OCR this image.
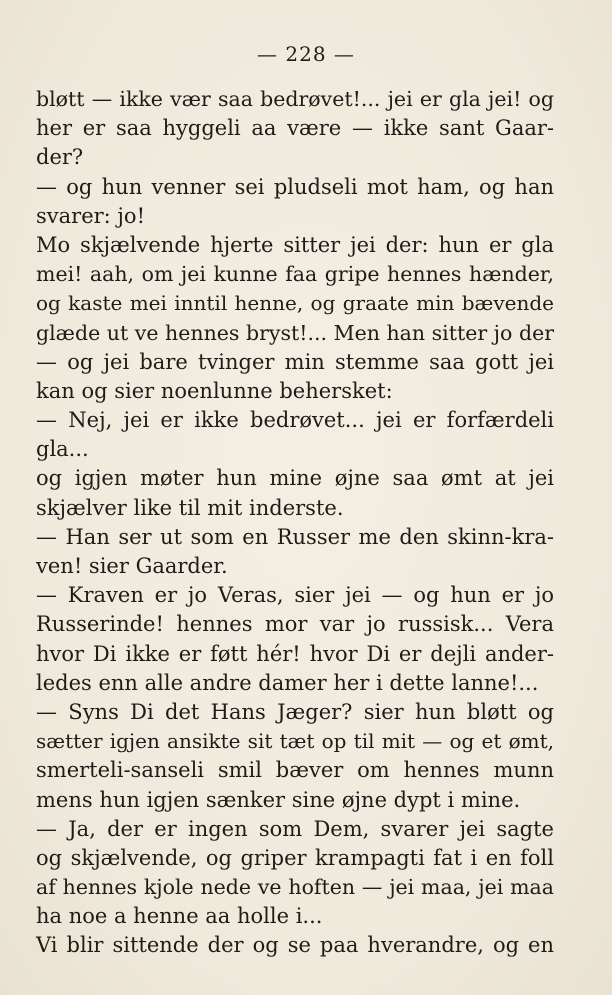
— 228 —
bløtt — ikke vær saa bedrøvet!... jei er gla jei! og
her er saa hyggeli aa være — ikke sant Gaar-
der?
— og hun venner sei pludseli mot ham, og han
svarer: jo!
Mo skjælvende hjerte sitter jei der: hun er gla
mei! aah, om jei kunne faa gripe hennes hænder,
og kaste mei inntil henne, og graate min bævende
glæde ut ve hennes bryst!... Men han sitter jo der
— og jei bare tvinger min stemme saa gott jei
kan og sier noenlunne behersket:
— Nej, jei er ikke bedrøvet... jei er forfærdeli
gla...
og igjen møter hun mine øjne saa ømt at jei
skjælver like til mit inderste.
— Han ser ut som en Russer me den skinn-kra-
ven! sier Gaarder.
— Kraven er jo Veras, sier jei — og hun er jo
Russerinde! hennes mor var jo russisk... Vera
hvor Di ikke er føtt hér! hvor Di er dejli ander-
ledes enn alle andre damer her i dette lanne!...
— Syns Di det Hans Jæger? sier hun bløtt og
sætter igjen ansikte sit tæt op til mit — og et ømt,
smerteli-sanseli smil bæver om hennes munn
mens hun igjen sænker sine øjne dypt i mine.
— Ja, der er ingen som Dem, svarer jei sagte
og skjælvende, og griper krampagti fat i en foll
af hennes kjole nede ve hoften — jei maa, jei maa
ha noe a henne aa holle i...
Vi blir sittende der og se paa hverandre, og en
